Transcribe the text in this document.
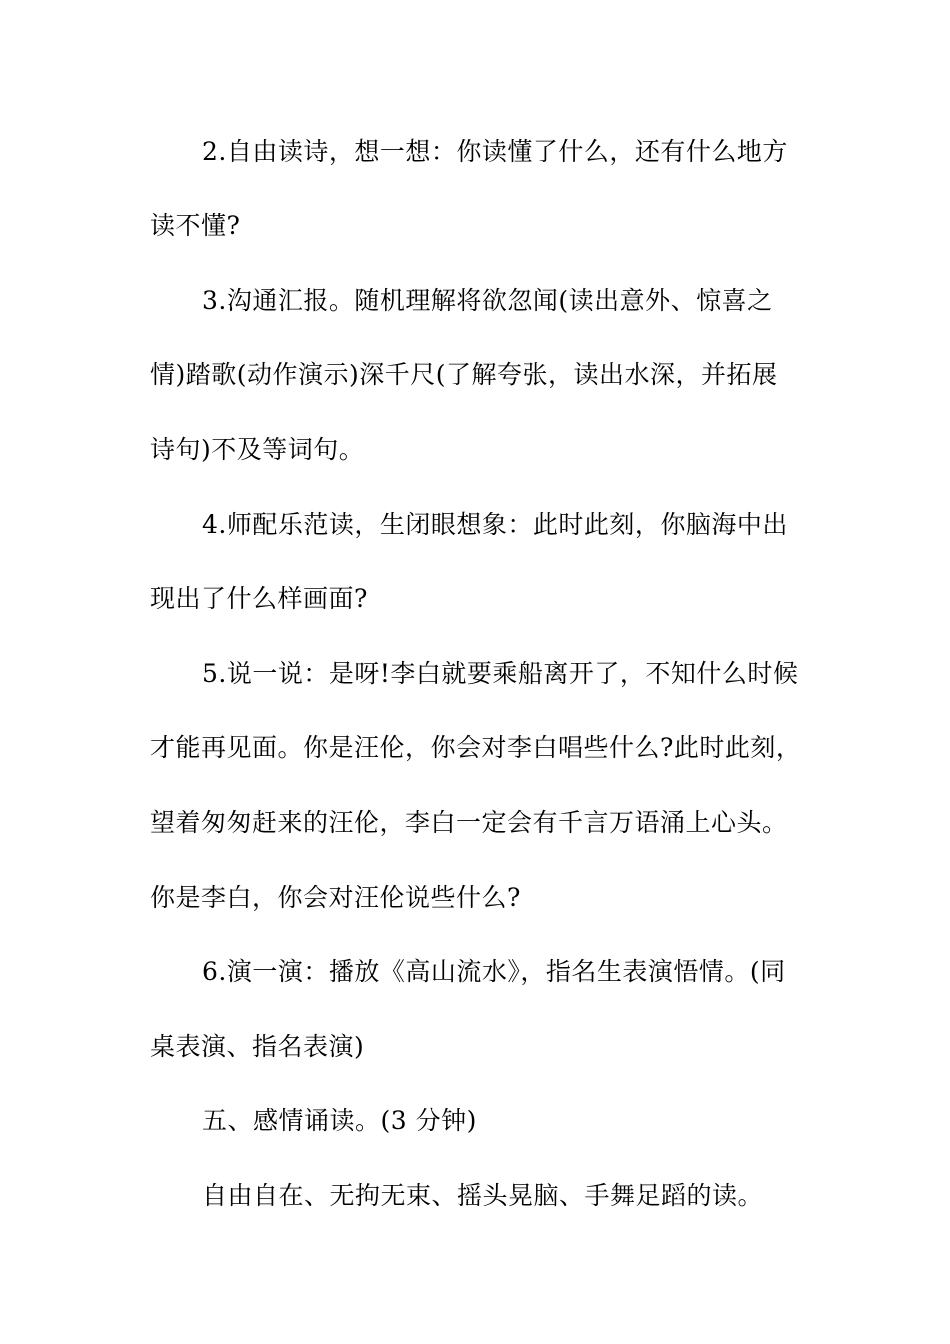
2.自由读诗，想一想：你读懂了什么，还有什么地方
读不懂?
3.沟通汇报。随机理解将欲忽闻(读出意外、惊喜之
情)踏歌(动作演示)深千尺(了解夸张，读出水深，并拓展
诗句)不及等词句。
4.师配乐范读，生闭眼想象：此时此刻，你脑海中出
现出了什么样画面?
5.说一说：是呀!李白就要乘船离开了，不知什么时候
才能再见面。你是汪伦，你会对李白唱些什么?此时此刻，
望着匆匆赶来的汪伦，李白一定会有千言万语涌上心头。
你是李白，你会对汪伦说些什么?
6.演一演：播放《高山流水》，指名生表演悟情。(同
桌表演、指名表演)
五、感情诵读。(3 分钟)
自由自在、无拘无束、摇头晃脑、手舞足蹈的读。
